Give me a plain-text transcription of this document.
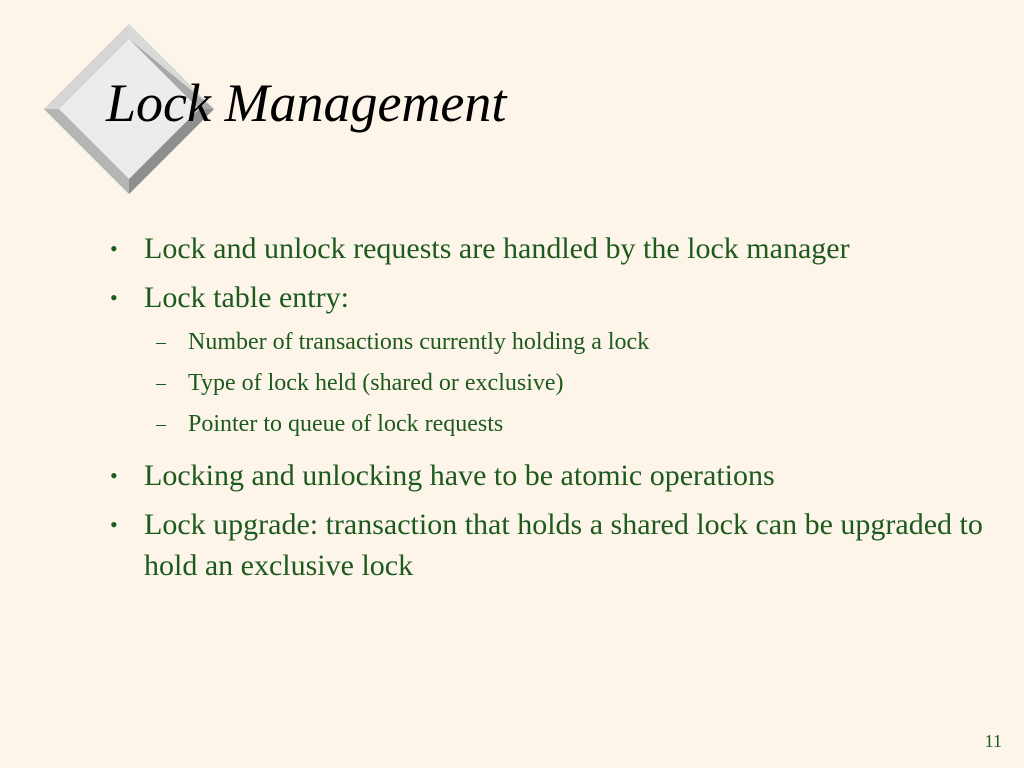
Lock Management
• Lock and unlock requests are handled by the lock manager
• Lock table entry:
– Number of transactions currently holding a lock
– Type of lock held (shared or exclusive)
– Pointer to queue of lock requests
• Locking and unlocking have to be atomic operations
• Lock upgrade: transaction that holds a shared lock can be upgraded to hold an exclusive lock
11
